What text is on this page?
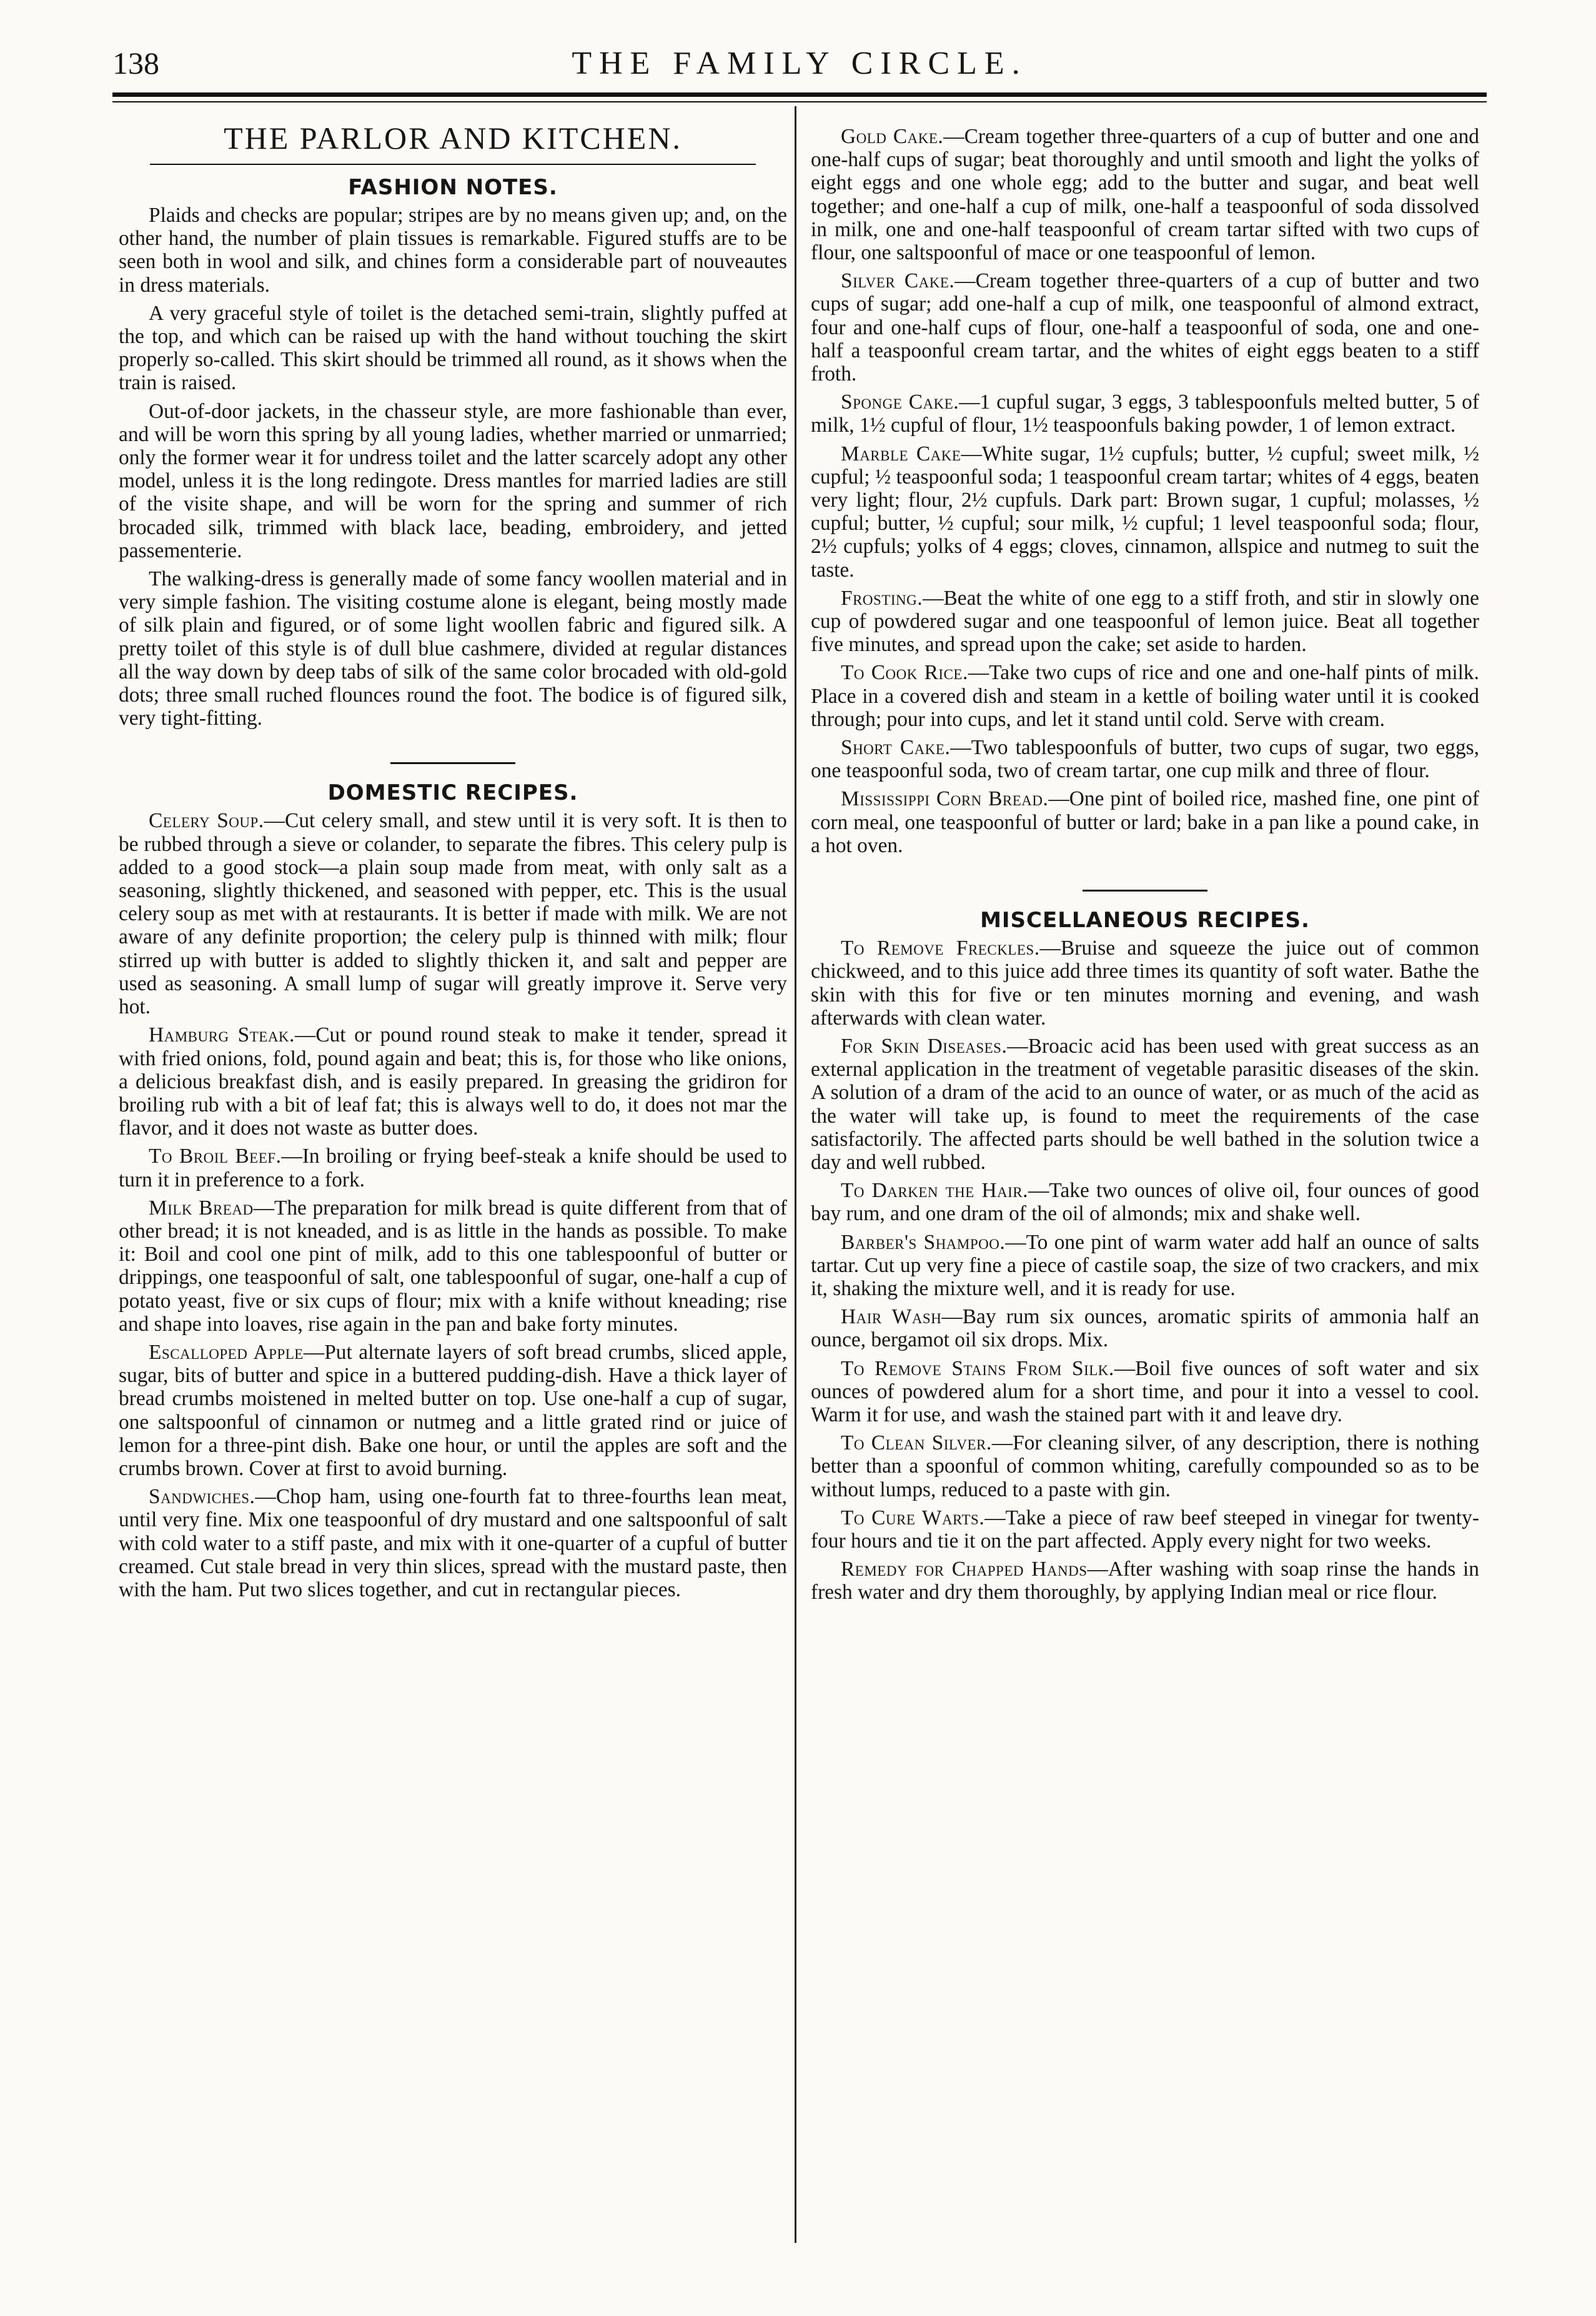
138	THE FAMILY CIRCLE.
THE PARLOR AND KITCHEN.
FASHION NOTES.

Plaids and checks are popular; stripes are by no means given up; and, on the other hand, the number of plain tissues is remarkable. Figured stuffs are to be seen both in wool and silk, and chines form a considerable part of nouveautes in dress materials.

A very graceful style of toilet is the detached semi-train, slightly puffed at the top, and which can be raised up with the hand without touching the skirt properly so-called. This skirt should be trimmed all round, as it shows when the train is raised.

Out-of-door jackets, in the chasseur style, are more fashionable than ever, and will be worn this spring by all young ladies, whether married or unmarried; only the former wear it for undress toilet and the latter scarcely adopt any other model, unless it is the long redingote. Dress mantles for married ladies are still of the visite shape, and will be worn for the spring and summer of rich brocaded silk, trimmed with black lace, beading, embroidery, and jetted passementerie.

The walking-dress is generally made of some fancy woollen material and in very simple fashion. The visiting costume alone is elegant, being mostly made of silk plain and figured, or of some light woollen fabric and figured silk. A pretty toilet of this style is of dull blue cashmere, divided at regular distances all the way down by deep tabs of silk of the same color brocaded with old-gold dots; three small ruched flounces round the foot. The bodice is of figured silk, very tight-fitting.

DOMESTIC RECIPES.

Celery Soup.—Cut celery small, and stew until it is very soft. It is then to be rubbed through a sieve or colander, to separate the fibres. This celery pulp is added to a good stock—a plain soup made from meat, with only salt as a seasoning, slightly thickened, and seasoned with pepper, etc. This is the usual celery soup as met with at restaurants. It is better if made with milk. We are not aware of any definite proportion; the celery pulp is thinned with milk; flour stirred up with butter is added to slightly thicken it, and salt and pepper are used as seasoning. A small lump of sugar will greatly improve it. Serve very hot.

Hamburg Steak.—Cut or pound round steak to make it tender, spread it with fried onions, fold, pound again and beat; this is, for those who like onions, a delicious breakfast dish, and is easily prepared. In greasing the gridiron for broiling rub with a bit of leaf fat; this is always well to do, it does not mar the flavor, and it does not waste as butter does.

To Broil Beef.—In broiling or frying beef-steak a knife should be used to turn it in preference to a fork.

Milk Bread—The preparation for milk bread is quite different from that of other bread; it is not kneaded, and is as little in the hands as possible. To make it: Boil and cool one pint of milk, add to this one tablespoonful of butter or drippings, one teaspoonful of salt, one tablespoonful of sugar, one-half a cup of potato yeast, five or six cups of flour; mix with a knife without kneading; rise and shape into loaves, rise again in the pan and bake forty minutes.

Escalloped Apple—Put alternate layers of soft bread crumbs, sliced apple, sugar, bits of butter and spice in a buttered pudding-dish. Have a thick layer of bread crumbs moistened in melted butter on top. Use one-half a cup of sugar, one saltspoonful of cinnamon or nutmeg and a little grated rind or juice of lemon for a three-pint dish. Bake one hour, or until the apples are soft and the crumbs brown. Cover at first to avoid burning.

Sandwiches.—Chop ham, using one-fourth fat to three-fourths lean meat, until very fine. Mix one teaspoonful of dry mustard and one saltspoonful of salt with cold water to a stiff paste, and mix with it one-quarter of a cupful of butter creamed. Cut stale bread in very thin slices, spread with the mustard paste, then with the ham. Put two slices together, and cut in rectangular pieces.

Gold Cake.—Cream together three-quarters of a cup of butter and one and one-half cups of sugar; beat thoroughly and until smooth and light the yolks of eight eggs and one whole egg; add to the butter and sugar, and beat well together; and one-half a cup of milk, one-half a teaspoonful of soda dissolved in milk, one and one-half teaspoonful of cream tartar sifted with two cups of flour, one saltspoonful of mace or one teaspoonful of lemon.

Silver Cake.—Cream together three-quarters of a cup of butter and two cups of sugar; add one-half a cup of milk, one teaspoonful of almond extract, four and one-half cups of flour, one-half a teaspoonful of soda, one and one-half a teaspoonful cream tartar, and the whites of eight eggs beaten to a stiff froth.

Sponge Cake.—1 cupful sugar, 3 eggs, 3 tablespoonfuls melted butter, 5 of milk, 1½ cupful of flour, 1½ teaspoonfuls baking powder, 1 of lemon extract.

Marble Cake—White sugar, 1½ cupfuls; butter, ½ cupful; sweet milk, ½ cupful; ½ teaspoonful soda; 1 teaspoonful cream tartar; whites of 4 eggs, beaten very light; flour, 2½ cupfuls. Dark part: Brown sugar, 1 cupful; molasses, ½ cupful; butter, ½ cupful; sour milk, ½ cupful; 1 level teaspoonful soda; flour, 2½ cupfuls; yolks of 4 eggs; cloves, cinnamon, allspice and nutmeg to suit the taste.

Frosting.—Beat the white of one egg to a stiff froth, and stir in slowly one cup of powdered sugar and one teaspoonful of lemon juice. Beat all together five minutes, and spread upon the cake; set aside to harden.

To Cook Rice.—Take two cups of rice and one and one-half pints of milk. Place in a covered dish and steam in a kettle of boiling water until it is cooked through; pour into cups, and let it stand until cold. Serve with cream.

Short Cake.—Two tablespoonfuls of butter, two cups of sugar, two eggs, one teaspoonful soda, two of cream tartar, one cup milk and three of flour.

Mississippi Corn Bread.—One pint of boiled rice, mashed fine, one pint of corn meal, one teaspoonful of butter or lard; bake in a pan like a pound cake, in a hot oven.

MISCELLANEOUS RECIPES.

To Remove Freckles.—Bruise and squeeze the juice out of common chickweed, and to this juice add three times its quantity of soft water. Bathe the skin with this for five or ten minutes morning and evening, and wash afterwards with clean water.

For Skin Diseases.—Broacic acid has been used with great success as an external application in the treatment of vegetable parasitic diseases of the skin. A solution of a dram of the acid to an ounce of water, or as much of the acid as the water will take up, is found to meet the requirements of the case satisfactorily. The affected parts should be well bathed in the solution twice a day and well rubbed.

To Darken the Hair.—Take two ounces of olive oil, four ounces of good bay rum, and one dram of the oil of almonds; mix and shake well.

Barber's Shampoo.—To one pint of warm water add half an ounce of salts tartar. Cut up very fine a piece of castile soap, the size of two crackers, and mix it, shaking the mixture well, and it is ready for use.

Hair Wash—Bay rum six ounces, aromatic spirits of ammonia half an ounce, bergamot oil six drops. Mix.

To Remove Stains From Silk.—Boil five ounces of soft water and six ounces of powdered alum for a short time, and pour it into a vessel to cool. Warm it for use, and wash the stained part with it and leave dry.

To Clean Silver.—For cleaning silver, of any description, there is nothing better than a spoonful of common whiting, carefully compounded so as to be without lumps, reduced to a paste with gin.

To Cure Warts.—Take a piece of raw beef steeped in vinegar for twenty-four hours and tie it on the part affected. Apply every night for two weeks.

Remedy for Chapped Hands—After washing with soap rinse the hands in fresh water and dry them thoroughly, by applying Indian meal or rice flour.
